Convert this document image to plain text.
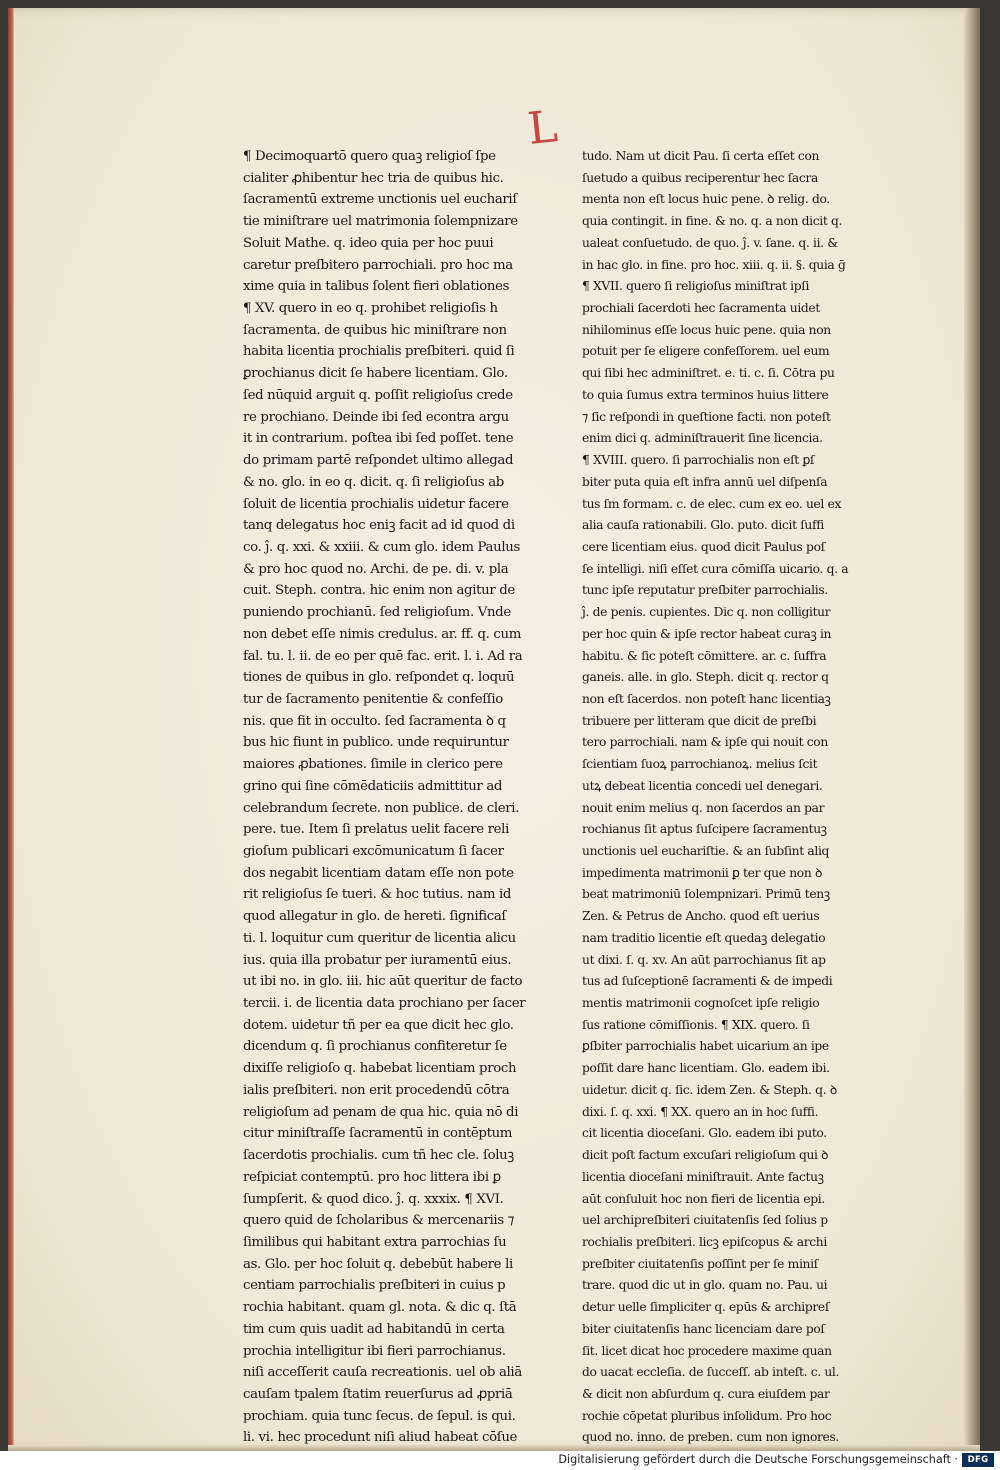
L
¶ Decimoquartō quero quaꝫ religioſ ſpe
cialiter ꝓhibentur hec tria de quibus hic.
ſacramentū extreme unctionis uel euchariſ
tie miniſtrare uel matrimonia ſolempnizare
Soluit Mathe. q. ideo quia per hoc puui
caretur preſbitero parrochiali. pro hoc ma
xime quia in talibus ſolent fieri oblationes
¶ XV. quero in eo q. prohibet religioſis h
ſacramenta. de quibus hic miniſtrare non
habita licentia prochialis preſbiteri. quid ſi
ꝑrochianus dicit ſe habere licentiam. Glo.
ſed nūquid arguit q. poſſit religioſus crede
re prochiano. Deinde ibi ſed econtra argu
it in contrarium. poſtea ibi ſed poſſet. tene
do primam partē reſpondet ultimo allegad
& no. glo. in eo q. dicit. q. ſi religioſus ab
ſoluit de licentia prochialis uidetur facere
tanq delegatus hoc eniꝫ facit ad id quod di
co. ĵ. q. xxi. & xxiii. & cum glo. idem Paulus
& pro hoc quod no. Archi. de pe. di. v. pla
cuit. Steph. contra. hic enim non agitur de
puniendo prochianū. ſed religioſum. Vnde
non debet eſſe nimis credulus. ar. ff. q. cum
fal. tu. l. ii. de eo per quē fac. erit. l. i. Ad ra
tiones de quibus in glo. reſpondet q. loquū
tur de ſacramento penitentie & confeſſio
nis. que fit in occulto. ſed ſacramenta ꝺ q
bus hic fiunt in publico. unde requiruntur
maiores ꝓbationes. ſimile in clerico pere
grino qui ſine cōmēdaticiis admittitur ad
celebrandum ſecrete. non publice. de cleri.
pere. tue. Item ſi prelatus uelit facere reli
gioſum publicari excōmunicatum ſi ſacer
dos negabit licentiam datam eſſe non pote
rit religioſus ſe tueri. & hoc tutius. nam id
quod allegatur in glo. de hereti. ſignificaſ
ti. l. loquitur cum queritur de licentia alicu
ius. quia illa probatur per iuramentū eius.
ut ibi no. in glo. iii. hic aūt queritur de facto
tercii. i. de licentia data prochiano per ſacer
dotem. uidetur tñ per ea que dicit hec glo.
dicendum q. ſi prochianus confiteretur ſe
dixiſſe religioſo q. habebat licentiam proch
ialis preſbiteri. non erit procedendū cōtra
religioſum ad penam de qua hic. quia nō di
citur miniſtraſſe ſacramentū in contēptum
ſacerdotis prochialis. cum tñ hec cle. ſoluꝫ
reſpiciat contemptū. pro hoc littera ibi ꝑ
ſumpſerit. & quod dico. ĵ. q. xxxix. ¶ XVI.
quero quid de ſcholaribus & mercenariis ⁊
ſimilibus qui habitant extra parrochias ſu
as. Glo. per hoc ſoluit q. debebūt habere li
centiam parrochialis preſbiteri in cuius p
rochia habitant. quam gl. nota. & dic q. ſtā
tim cum quis uadit ad habitandū in certa
prochia intelligitur ibi fieri parrochianus.
niſi acceſſerit cauſa recreationis. uel ob aliā
cauſam tpalem ſtatim reuerſurus ad ꝓpriā
prochiam. quia tunc ſecus. de ſepul. is qui.
li. vi. hec procedunt niſi aliud habeat cōſue
tudo. Nam ut dicit Pau. ſi certa eſſet con
ſuetudo a quibus reciperentur hec ſacra
menta non eſt locus huic pene. ꝺ relig. do.
quia contingit. in fine. & no. q. a non dicit q.
ualeat conſuetudo. de quo. ĵ. v. ſane. q. ii. &
in hac glo. in fine. pro hoc. xiii. q. ii. §. quia ḡ
¶ XVII. quero ſi religioſus miniſtrat ipſi
prochiali ſacerdoti hec ſacramenta uidet
nihilominus eſſe locus huic pene. quia non
potuit per ſe eligere confeſſorem. uel eum
qui ſibi hec adminiſtret. e. ti. c. ſi. Cōtra pu
to quia ſumus extra terminos huius littere
⁊ ſic reſpondi in queſtione facti. non poteſt
enim dici q. adminiſtrauerit ſine licencia.
¶ XVIII. quero. ſi parrochialis non eſt ꝑſ
biter puta quia eſt infra annū uel diſpenſa
tus ſm formam. c. de elec. cum ex eo. uel ex
alia cauſa rationabili. Glo. puto. dicit ſuffi
cere licentiam eius. quod dicit Paulus poſ
ſe intelligi. niſi eſſet cura cōmiſſa uicario. q. a
tunc ipſe reputatur preſbiter parrochialis.
ĵ. de penis. cupientes. Dic q. non colligitur
per hoc quin & ipſe rector habeat curaꝫ in
habitu. & ſic poteſt cōmittere. ar. c. ſuffra
ganeis. alle. in glo. Steph. dicit q. rector q
non eſt ſacerdos. non poteſt hanc licentiaꝫ
tribuere per litteram que dicit de preſbi
tero parrochiali. nam & ipſe qui nouit con
ſcientiam ſuoꝝ parrochianoꝝ. melius ſcit
utꝝ debeat licentia concedi uel denegari.
nouit enim melius q. non ſacerdos an par
rochianus ſit aptus ſuſcipere ſacramentuꝫ
unctionis uel euchariſtie. & an ſubſint aliq
impedimenta matrimonii ꝑ ter que non ꝺ
beat matrimoniū ſolempnizari. Primū tenꝫ
Zen. & Petrus de Ancho. quod eſt uerius
nam traditio licentie eſt quedaꝫ delegatio
ut dixi. ſ. q. xv. An aūt parrochianus ſit ap
tus ad ſuſceptionē ſacramenti & de impedi
mentis matrimonii cognoſcet ipſe religio
ſus ratione cōmiſſionis. ¶ XIX. quero. ſi
ꝑſbiter parrochialis habet uicarium an ipe
poſſit dare hanc licentiam. Glo. eadem ibi.
uidetur. dicit q. ſic. idem Zen. & Steph. q. ꝺ
dixi. ſ. q. xxi. ¶ XX. quero an in hoc ſuffi.
cit licentia dioceſani. Glo. eadem ibi puto.
dicit poſt factum excuſari religioſum qui ꝺ
licentia dioceſani miniſtrauit. Ante factuꝫ
aūt conſuluit hoc non fieri de licentia epi.
uel archipreſbiteri ciuitatenſis ſed ſolius p
rochialis preſbiteri. licꝫ epiſcopus & archi
preſbiter ciuitatenſis poſſint per ſe miniſ
trare. quod dic ut in glo. quam no. Pau. ui
detur uelle ſimpliciter q. epūs & archipreſ
biter ciuitatenſis hanc licenciam dare poſ
ſit. licet dicat hoc procedere maxime quan
do uacat eccleſia. de ſucceſſ. ab inteſt. c. ul.
& dicit non abſurdum q. cura eiuſdem par
rochie cōpetat pluribus inſolidum. Pro hoc
quod no. inno. de preben. cum non ignores.
Digitalisierung gefördert durch die Deutsche Forschungsgemeinschaft ·	DFG
